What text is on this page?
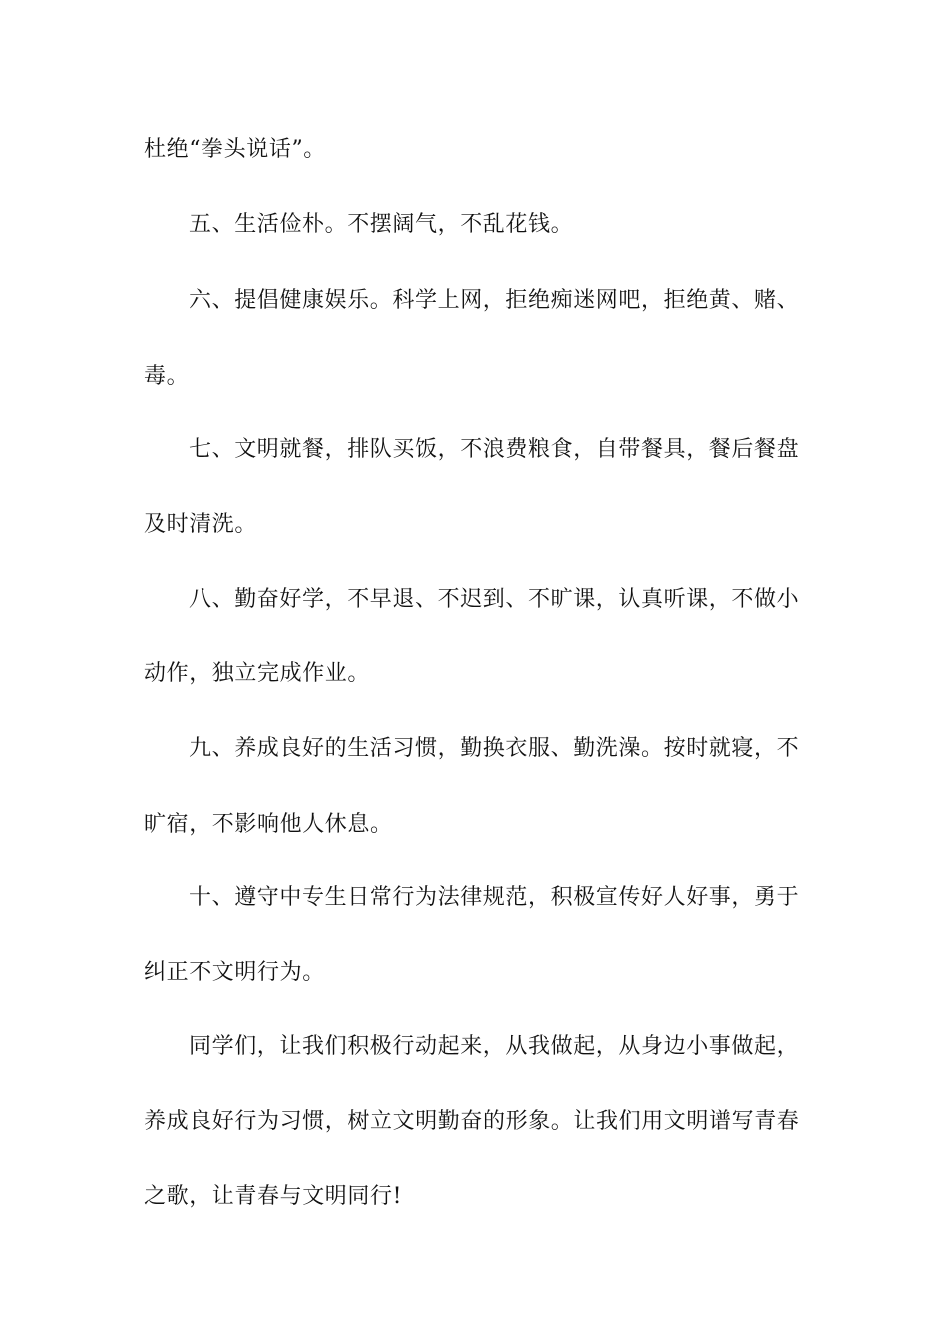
杜绝“拳头说话”。
五、生活俭朴。不摆阔气，不乱花钱。
六、提倡健康娱乐。科学上网，拒绝痴迷网吧，拒绝黄、赌、
毒。
七、文明就餐，排队买饭，不浪费粮食，自带餐具，餐后餐盘
及时清洗。
八、勤奋好学，不早退、不迟到、不旷课，认真听课，不做小
动作，独立完成作业。
九、养成良好的生活习惯，勤换衣服、勤洗澡。按时就寝，不
旷宿，不影响他人休息。
十、遵守中专生日常行为法律规范，积极宣传好人好事，勇于
纠正不文明行为。
同学们，让我们积极行动起来，从我做起，从身边小事做起，
养成良好行为习惯，树立文明勤奋的形象。让我们用文明谱写青春
之歌，让青春与文明同行!
